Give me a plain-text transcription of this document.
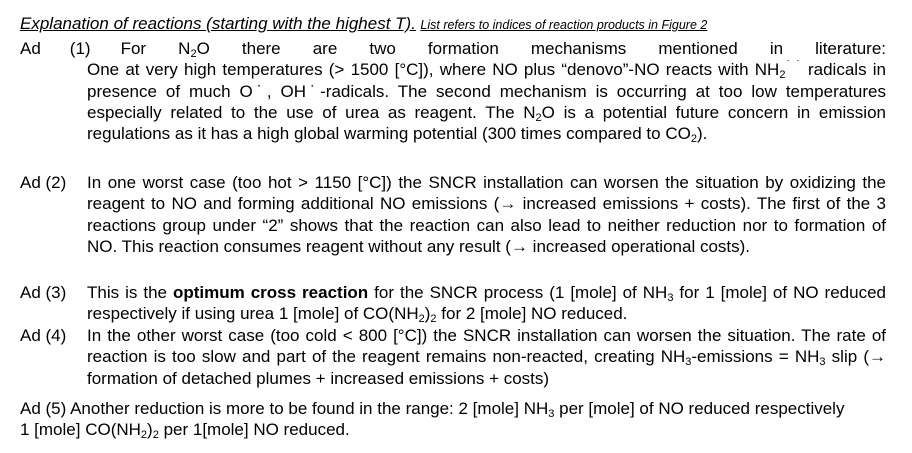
Explanation of reactions (starting with the highest T). List refers to indices of reaction products in Figure 2
Ad (1) For $N_2O$ there are two formation mechanisms mentioned in literature:
One at very high temperatures (> 1500 [°C]), where NO plus “denovo”-NO reacts with $NH_2^{˙ ˙}$ radicals in presence of much O˙, OH˙-radicals. The second mechanism is occurring at too low temperatures especially related to the use of urea as reagent. The $N_2O$ is a potential future concern in emission regulations as it has a high global warming potential (300 times compared to $CO_2$).
Ad (2) In one worst case (too hot > 1150 [°C]) the SNCR installation can worsen the situation by oxidizing the reagent to NO and forming additional NO emissions (→ increased emissions + costs). The first of the 3 reactions group under “2” shows that the reaction can also lead to neither reduction nor to formation of NO. This reaction consumes reagent without any result (→ increased operational costs).
Ad (3) This is the optimum cross reaction for the SNCR process (1 [mole] of $NH_3$ for 1 [mole] of NO reduced respectively if using urea 1 [mole] of $CO(NH_2)_2$ for 2 [mole] NO reduced.
Ad (4) In the other worst case (too cold < 800 [°C]) the SNCR installation can worsen the situation. The rate of reaction is too slow and part of the reagent remains non-reacted, creating $NH_3$-emissions = $NH_3$ slip (→ formation of detached plumes + increased emissions + costs)
Ad (5) Another reduction is more to be found in the range: 2 [mole] $NH_3$ per [mole] of NO reduced respectively 1 [mole] $CO(NH_2)_2$ per 1[mole] NO reduced.
